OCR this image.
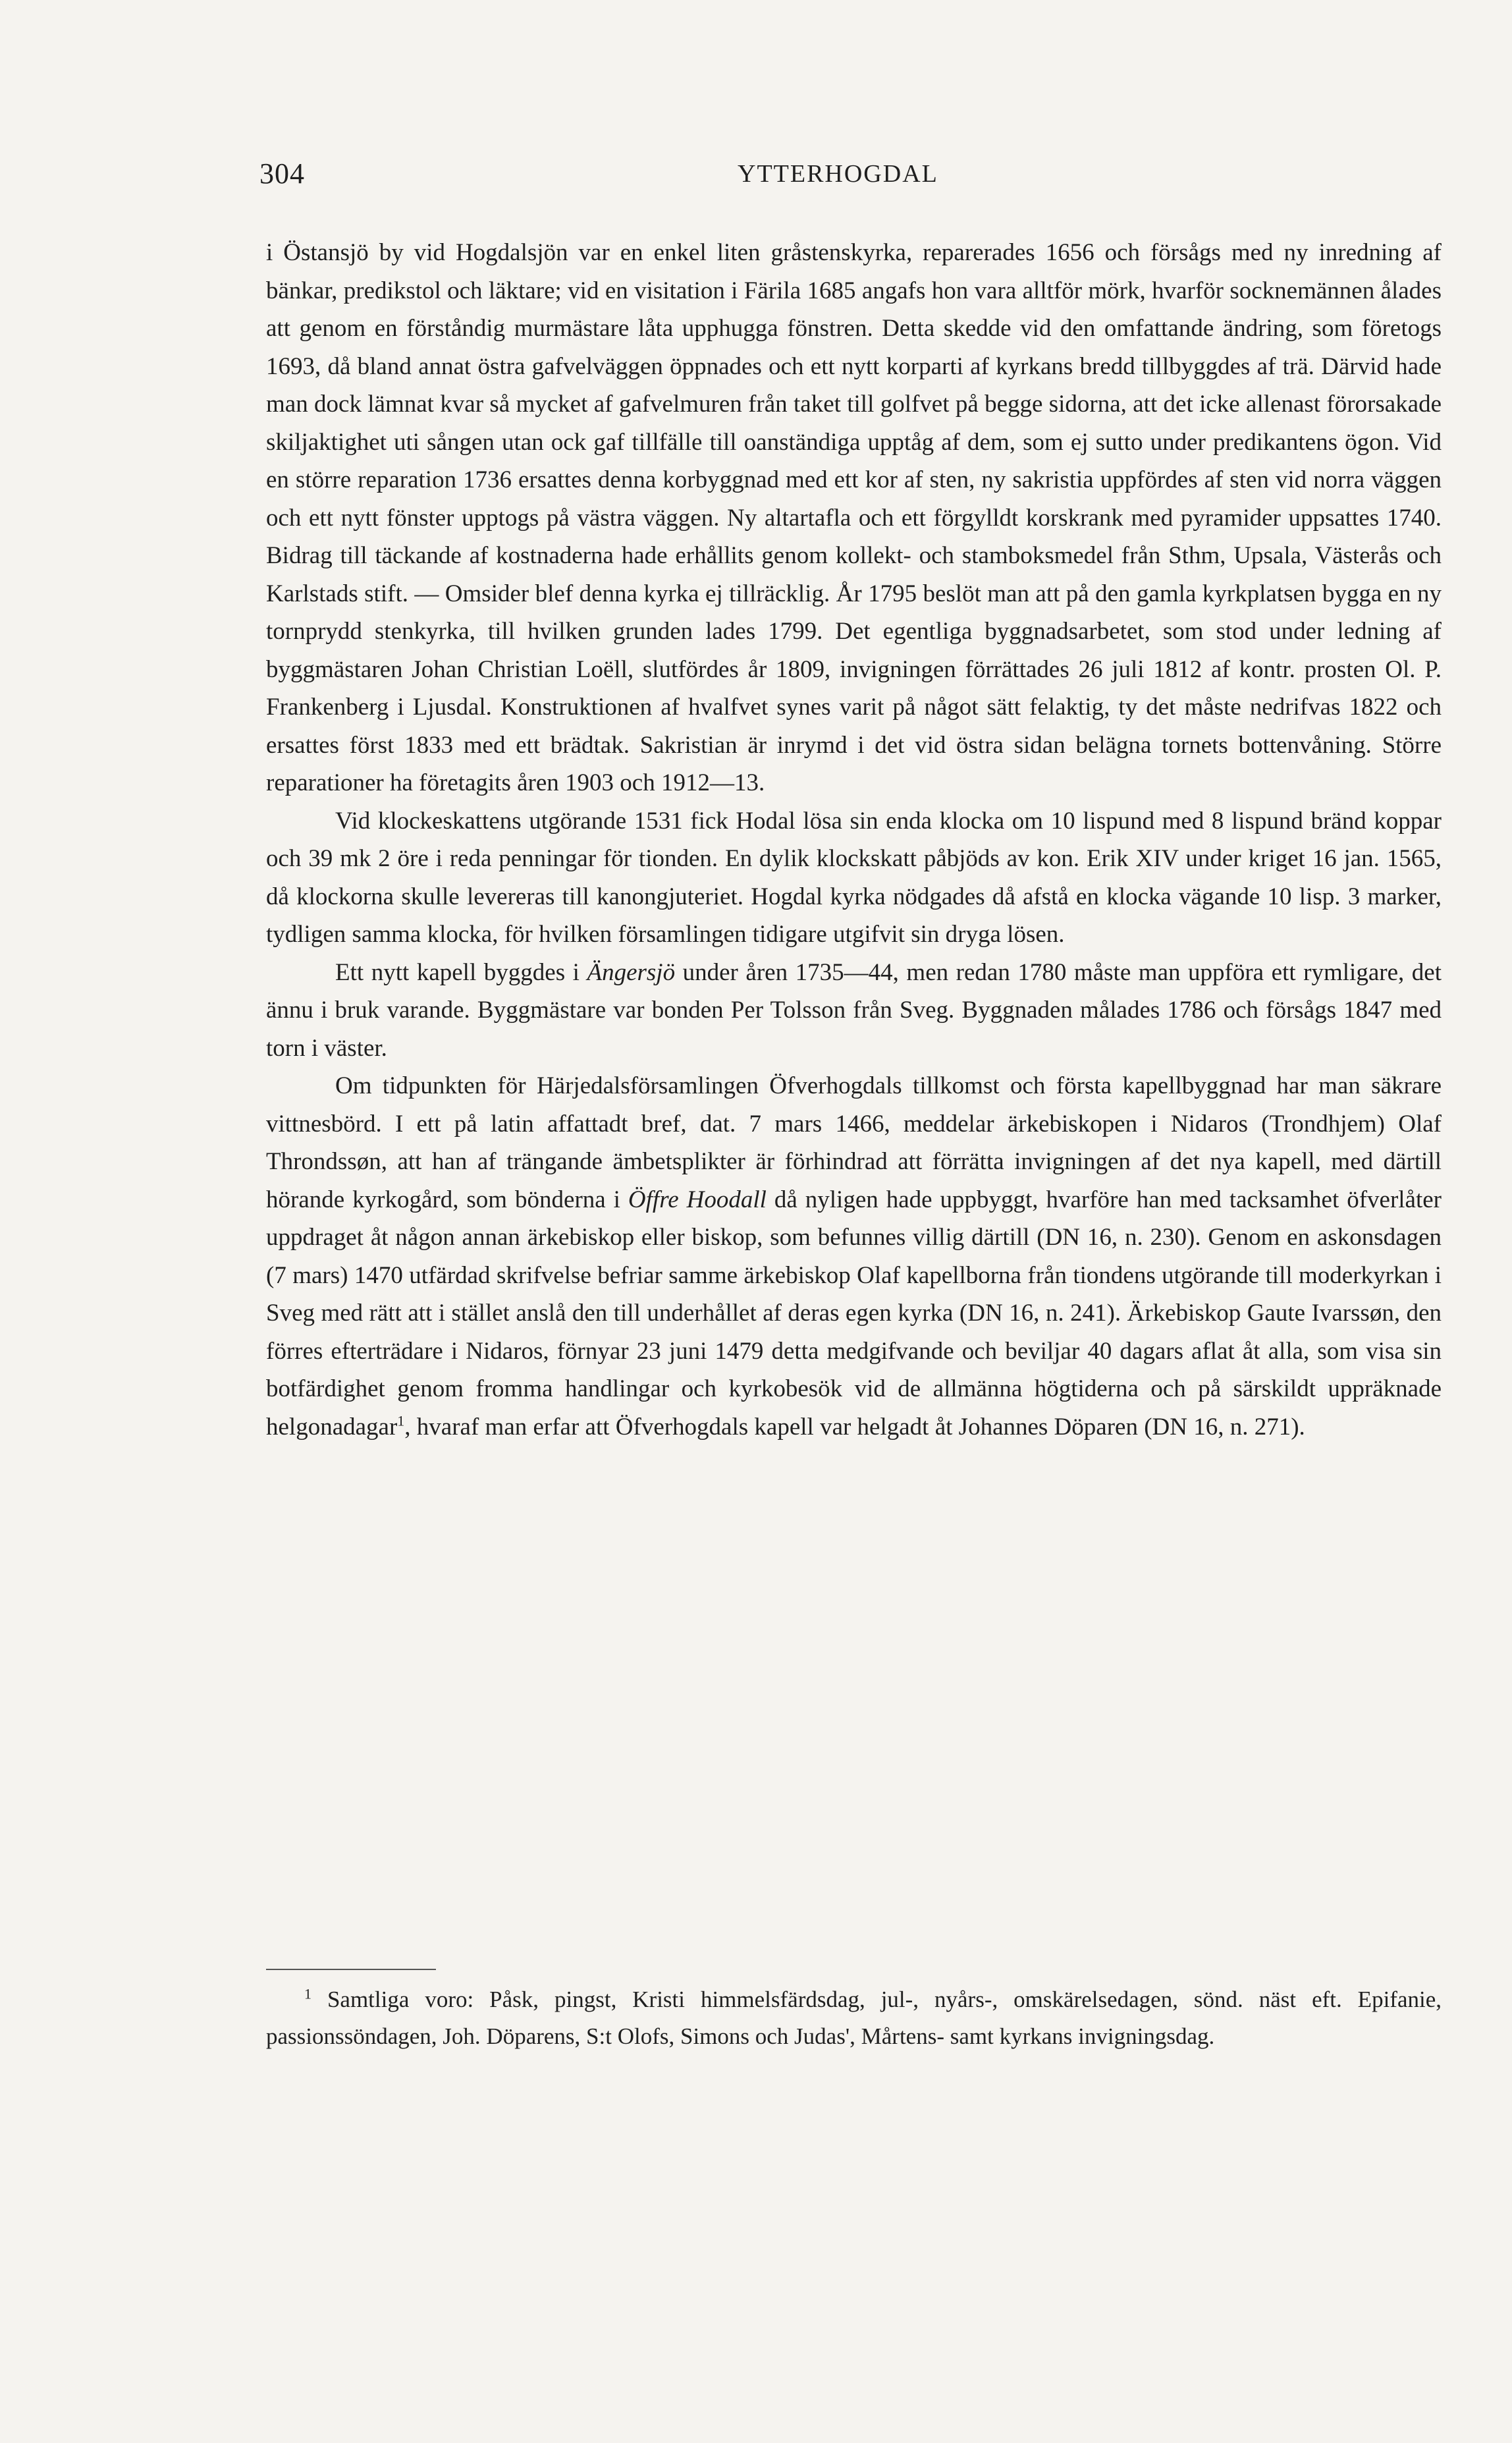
304	YTTERHOGDAL

i Östansjö by vid Hogdalsjön var en enkel liten gråstenskyrka, reparerades 1656 och försågs med ny inredning af bänkar, predikstol och läktare; vid en visitation i Färila 1685 angafs hon vara alltför mörk, hvarför socknemännen ålades att genom en förståndig murmästare låta upphugga fönstren. Detta skedde vid den omfattande ändring, som företogs 1693, då bland annat östra gafvelväggen öppnades och ett nytt korparti af kyrkans bredd tillbyggdes af trä. Därvid hade man dock lämnat kvar så mycket af gafvelmuren från taket till golfvet på begge sidorna, att det icke allenast förorsakade skiljaktighet uti sången utan ock gaf tillfälle till oanständiga upptåg af dem, som ej sutto under predikantens ögon. Vid en större reparation 1736 ersattes denna korbyggnad med ett kor af sten, ny sakristia uppfördes af sten vid norra väggen och ett nytt fönster upptogs på västra väggen. Ny altartafla och ett förgylldt korskrank med pyramider uppsattes 1740. Bidrag till täckande af kostnaderna hade erhållits genom kollekt- och stamboksmedel från Sthm, Upsala, Västerås och Karlstads stift. — Omsider blef denna kyrka ej tillräcklig. År 1795 beslöt man att på den gamla kyrkplatsen bygga en ny tornprydd stenkyrka, till hvilken grunden lades 1799. Det egentliga byggnadsarbetet, som stod under ledning af byggmästaren Johan Christian Loëll, slutfördes år 1809, invigningen förrättades 26 juli 1812 af kontr. prosten Ol. P. Frankenberg i Ljusdal. Konstruktionen af hvalfvet synes varit på något sätt felaktig, ty det måste nedrifvas 1822 och ersattes först 1833 med ett brädtak. Sakristian är inrymd i det vid östra sidan belägna tornets bottenvåning. Större reparationer ha företagits åren 1903 och 1912—13.

Vid klockeskattens utgörande 1531 fick Hodal lösa sin enda klocka om 10 lispund med 8 lispund bränd koppar och 39 mk 2 öre i reda penningar för tionden. En dylik klockskatt påbjöds av kon. Erik XIV under kriget 16 jan. 1565, då klockorna skulle levereras till kanongjuteriet. Hogdal kyrka nödgades då afstå en klocka vägande 10 lisp. 3 marker, tydligen samma klocka, för hvilken församlingen tidigare utgifvit sin dryga lösen.

Ett nytt kapell byggdes i Ängersjö under åren 1735—44, men redan 1780 måste man uppföra ett rymligare, det ännu i bruk varande. Byggmästare var bonden Per Tolsson från Sveg. Byggnaden målades 1786 och försågs 1847 med torn i väster.

Om tidpunkten för Härjedalsförsamlingen Öfverhogdals tillkomst och första kapellbyggnad har man säkrare vittnesbörd. I ett på latin affattadt bref, dat. 7 mars 1466, meddelar ärkebiskopen i Nidaros (Trondhjem) Olaf Throndssøn, att han af trängande ämbetsplikter är förhindrad att förrätta invigningen af det nya kapell, med därtill hörande kyrkogård, som bönderna i Öffre Hoodall då nyligen hade uppbyggt, hvarföre han med tacksamhet öfverlåter uppdraget åt någon annan ärkebiskop eller biskop, som befunnes villig därtill (DN 16, n. 230). Genom en askonsdagen (7 mars) 1470 utfärdad skrifvelse befriar samme ärkebiskop Olaf kapellborna från tiondens utgörande till moderkyrkan i Sveg med rätt att i stället anslå den till underhållet af deras egen kyrka (DN 16, n. 241). Ärkebiskop Gaute Ivarssøn, den förres efterträdare i Nidaros, förnyar 23 juni 1479 detta medgifvande och beviljar 40 dagars aflat åt alla, som visa sin botfärdighet genom fromma handlingar och kyrkobesök vid de allmänna högtiderna och på särskildt uppräknade helgonadagar$^1$, hvaraf man erfar att Öfverhogdals kapell var helgadt åt Johannes Döparen (DN 16, n. 271).

$^1$ Samtliga voro: Påsk, pingst, Kristi himmelsfärdsdag, jul-, nyårs-, omskärelsedagen, sönd. näst eft. Epifanie, passionssöndagen, Joh. Döparens, S:t Olofs, Simons och Judas', Mårtens- samt kyrkans invigningsdag.
